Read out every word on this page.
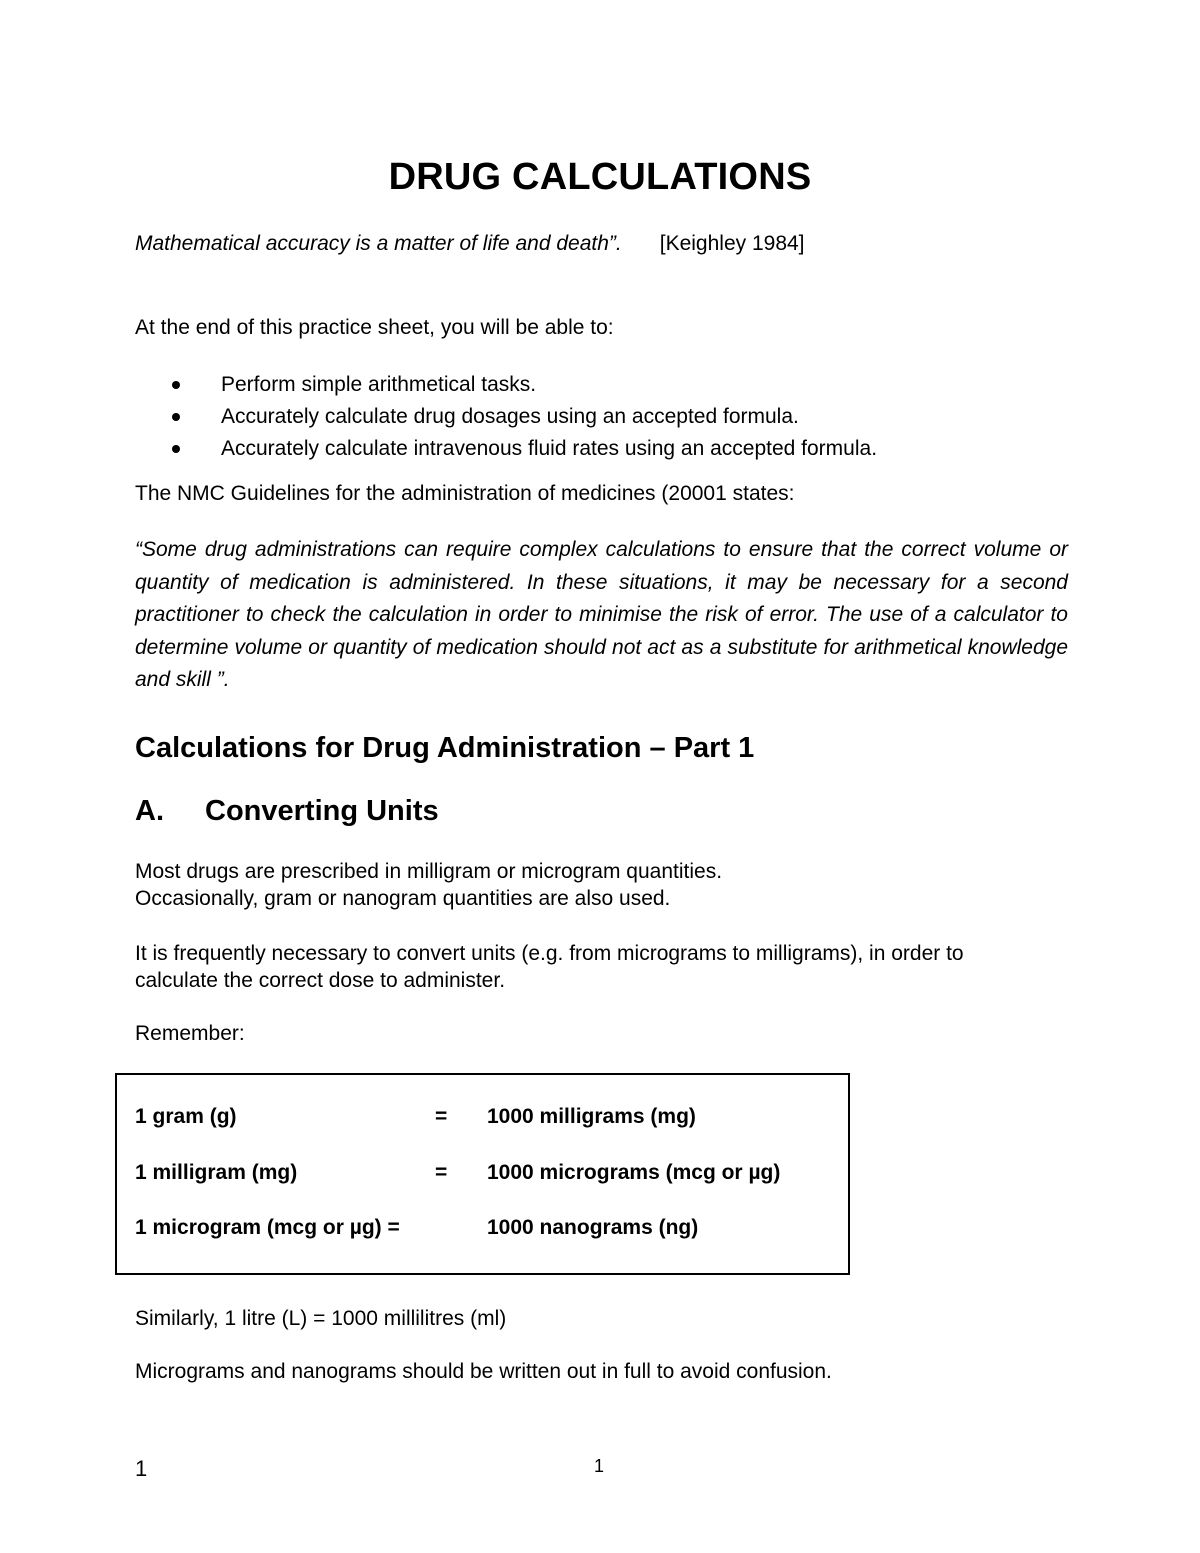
DRUG CALCULATIONS
Mathematical accuracy is a matter of life and death”. [Keighley 1984]
At the end of this practice sheet, you will be able to:
Perform simple arithmetical tasks.
Accurately calculate drug dosages using an accepted formula.
Accurately calculate intravenous fluid rates using an accepted formula.
The NMC Guidelines for the administration of medicines (20001 states:

“Some drug administrations can require complex calculations to ensure that the correct volume or quantity of medication is administered. In these situations, it may be necessary for a second practitioner to check the calculation in order to minimise the risk of error. The use of a calculator to determine volume or quantity of medication should not act as a substitute for arithmetical knowledge and skill ”.

Calculations for Drug Administration – Part 1
A. Converting Units
Most drugs are prescribed in milligram or microgram quantities.
Occasionally, gram or nanogram quantities are also used.
It is frequently necessary to convert units (e.g. from micrograms to milligrams), in order to
calculate the correct dose to administer.
Remember:
1 gram (g)	= 1000 milligrams (mg)
1 milligram (mg)	= 1000 micrograms (mcg or µg)
1 microgram (mcg or µg) =	1000 nanograms (ng)
Similarly, 1 litre (L) = 1000 millilitres (ml)
Micrograms and nanograms should be written out in full to avoid confusion.
1	1
